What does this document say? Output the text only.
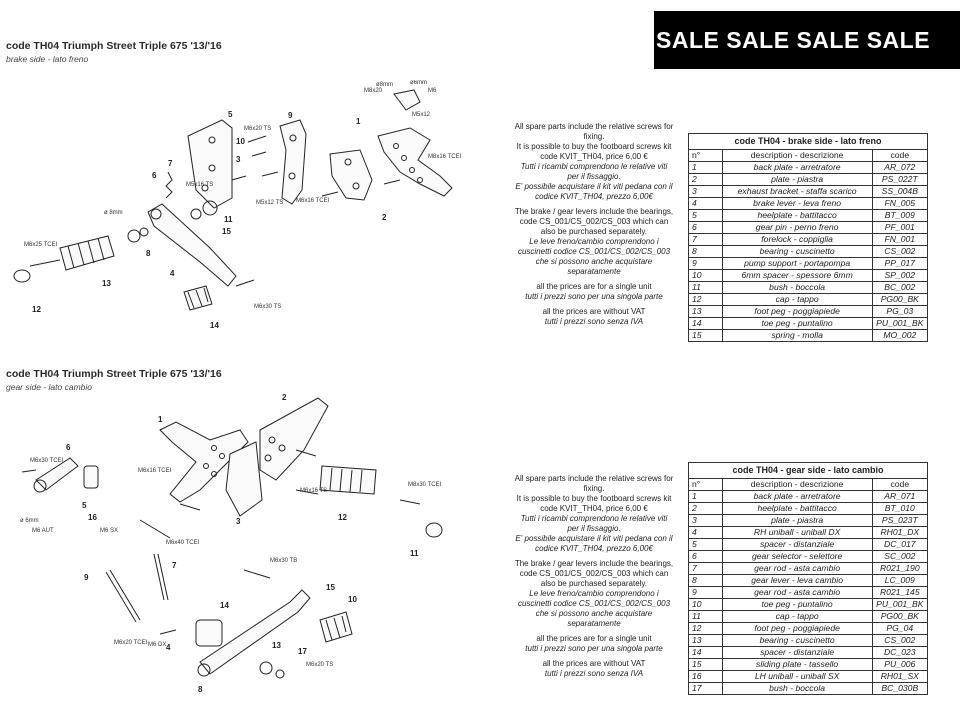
SALE SALE SALE SALE
code TH04 Triumph Street Triple 675 '13/'16
brake side - lato freno
5	9
1
10
3
7
6
11
15
8
4
13
12
14
2
M6x25 TCEI
M6x20 TS
M5x16 TS
M5x12 TS M6x16 TCEI
M6x30 TS
M8x20
M8x16 TCEI
M5x12
M6
ø 8mm
ø8mm	ø6mm

All spare parts include the relative screws for fixing.

It is possible to buy the footboard screws kit code KVIT_TH04, price 6,00 €

Tutti i ricambi comprendono le relative viti per il fissaggio.

E' possibile acquistare il kit viti pedana con il codice KVIT_TH04, prezzo 6,00€

The brake / gear levers include the bearings, code CS_001/CS_002/CS_003 which can also be purchased separately.

Le leve freno/cambio comprendono i cuscinetti codice CS_001/CS_002/CS_003 che si possono anche acquistare separatamente

all the prices are for a single unit

tutti i prezzi sono per una singola parte

all the prices are without VAT

tutti i prezzi sono senza IVA

code TH04 - brake side - lato freno		
n°	description - descrizione	code
1	back plate - arretratore	AR_072
2	plate - piastra	PS_022T
3	exhaust bracket - staffa scarico	SS_004B
4	brake lever - leva freno	FN_005
5	heelplate - battitacco	BT_009
6	gear pin - perno freno	PF_001
7	forelock - coppiglia	FN_001
8	bearing - cuscinetto	CS_002
9	pump support - portapompa	PP_017
10	6mm spacer - spessore 6mm	SP_002
11	bush - boccola	BC_002
12	cap - tappo	PG00_BK
13	foot peg - poggiapiede	PG_03
14	toe peg - puntalino	PU_001_BK
15	spring - molla	MO_002
code TH04 Triumph Street Triple 675 '13/'16
gear side - lato cambio
2
1
3
6
5
16	12
11
7
9
14
15
10
13
17
8
4
M6x30 TCEI
M6x16 TCEI
M6x40 TCEI
M6x16 TS
M6x30 TB
M6x20 TCEI M6 DX
M6 SX
M6 AUT
M8x30 TCEI
M6x20 TS
ø 6mm

All spare parts include the relative screws for fixing.

It is possible to buy the footboard screws kit code KVIT_TH04, price 6,00 €

Tutti i ricambi comprendono le relative viti per il fissaggio.

E' possibile acquistare il kit viti pedana con il codice KVIT_TH04, prezzo 6,00€

The brake / gear levers include the bearings, code CS_001/CS_002/CS_003 which can also be purchased separately.

Le leve freno/cambio comprendono i cuscinetti codice CS_001/CS_002/CS_003 che si possono anche acquistare separatamente

all the prices are for a single unit

tutti i prezzi sono per una singola parte

all the prices are without VAT

tutti i prezzi sono senza IVA

code TH04 - gear side - lato cambio		
n°	description - descrizione	code
1	back plate - arretratore	AR_071
2	heelplate - battitacco	BT_010
3	plate - piastra	PS_023T
4	RH uniball - uniball DX	RH01_DX
5	spacer - distanziale	DC_017
6	gear selector - selettore	SC_002
7	gear rod - asta cambio	R021_190
8	gear lever - leva cambio	LC_009
9	gear rod - asta cambio	R021_145
10	toe peg - puntalino	PU_001_BK
11	cap - tappo	PG00_BK
12	foot peg - poggiapiede	PG_04
13	bearing - cuscinetto	CS_002
14	spacer - distanziale	DC_023
15	sliding plate - tassello	PU_006
16	LH uniball - uniball SX	RH01_SX
17	bush - boccola	BC_030B
